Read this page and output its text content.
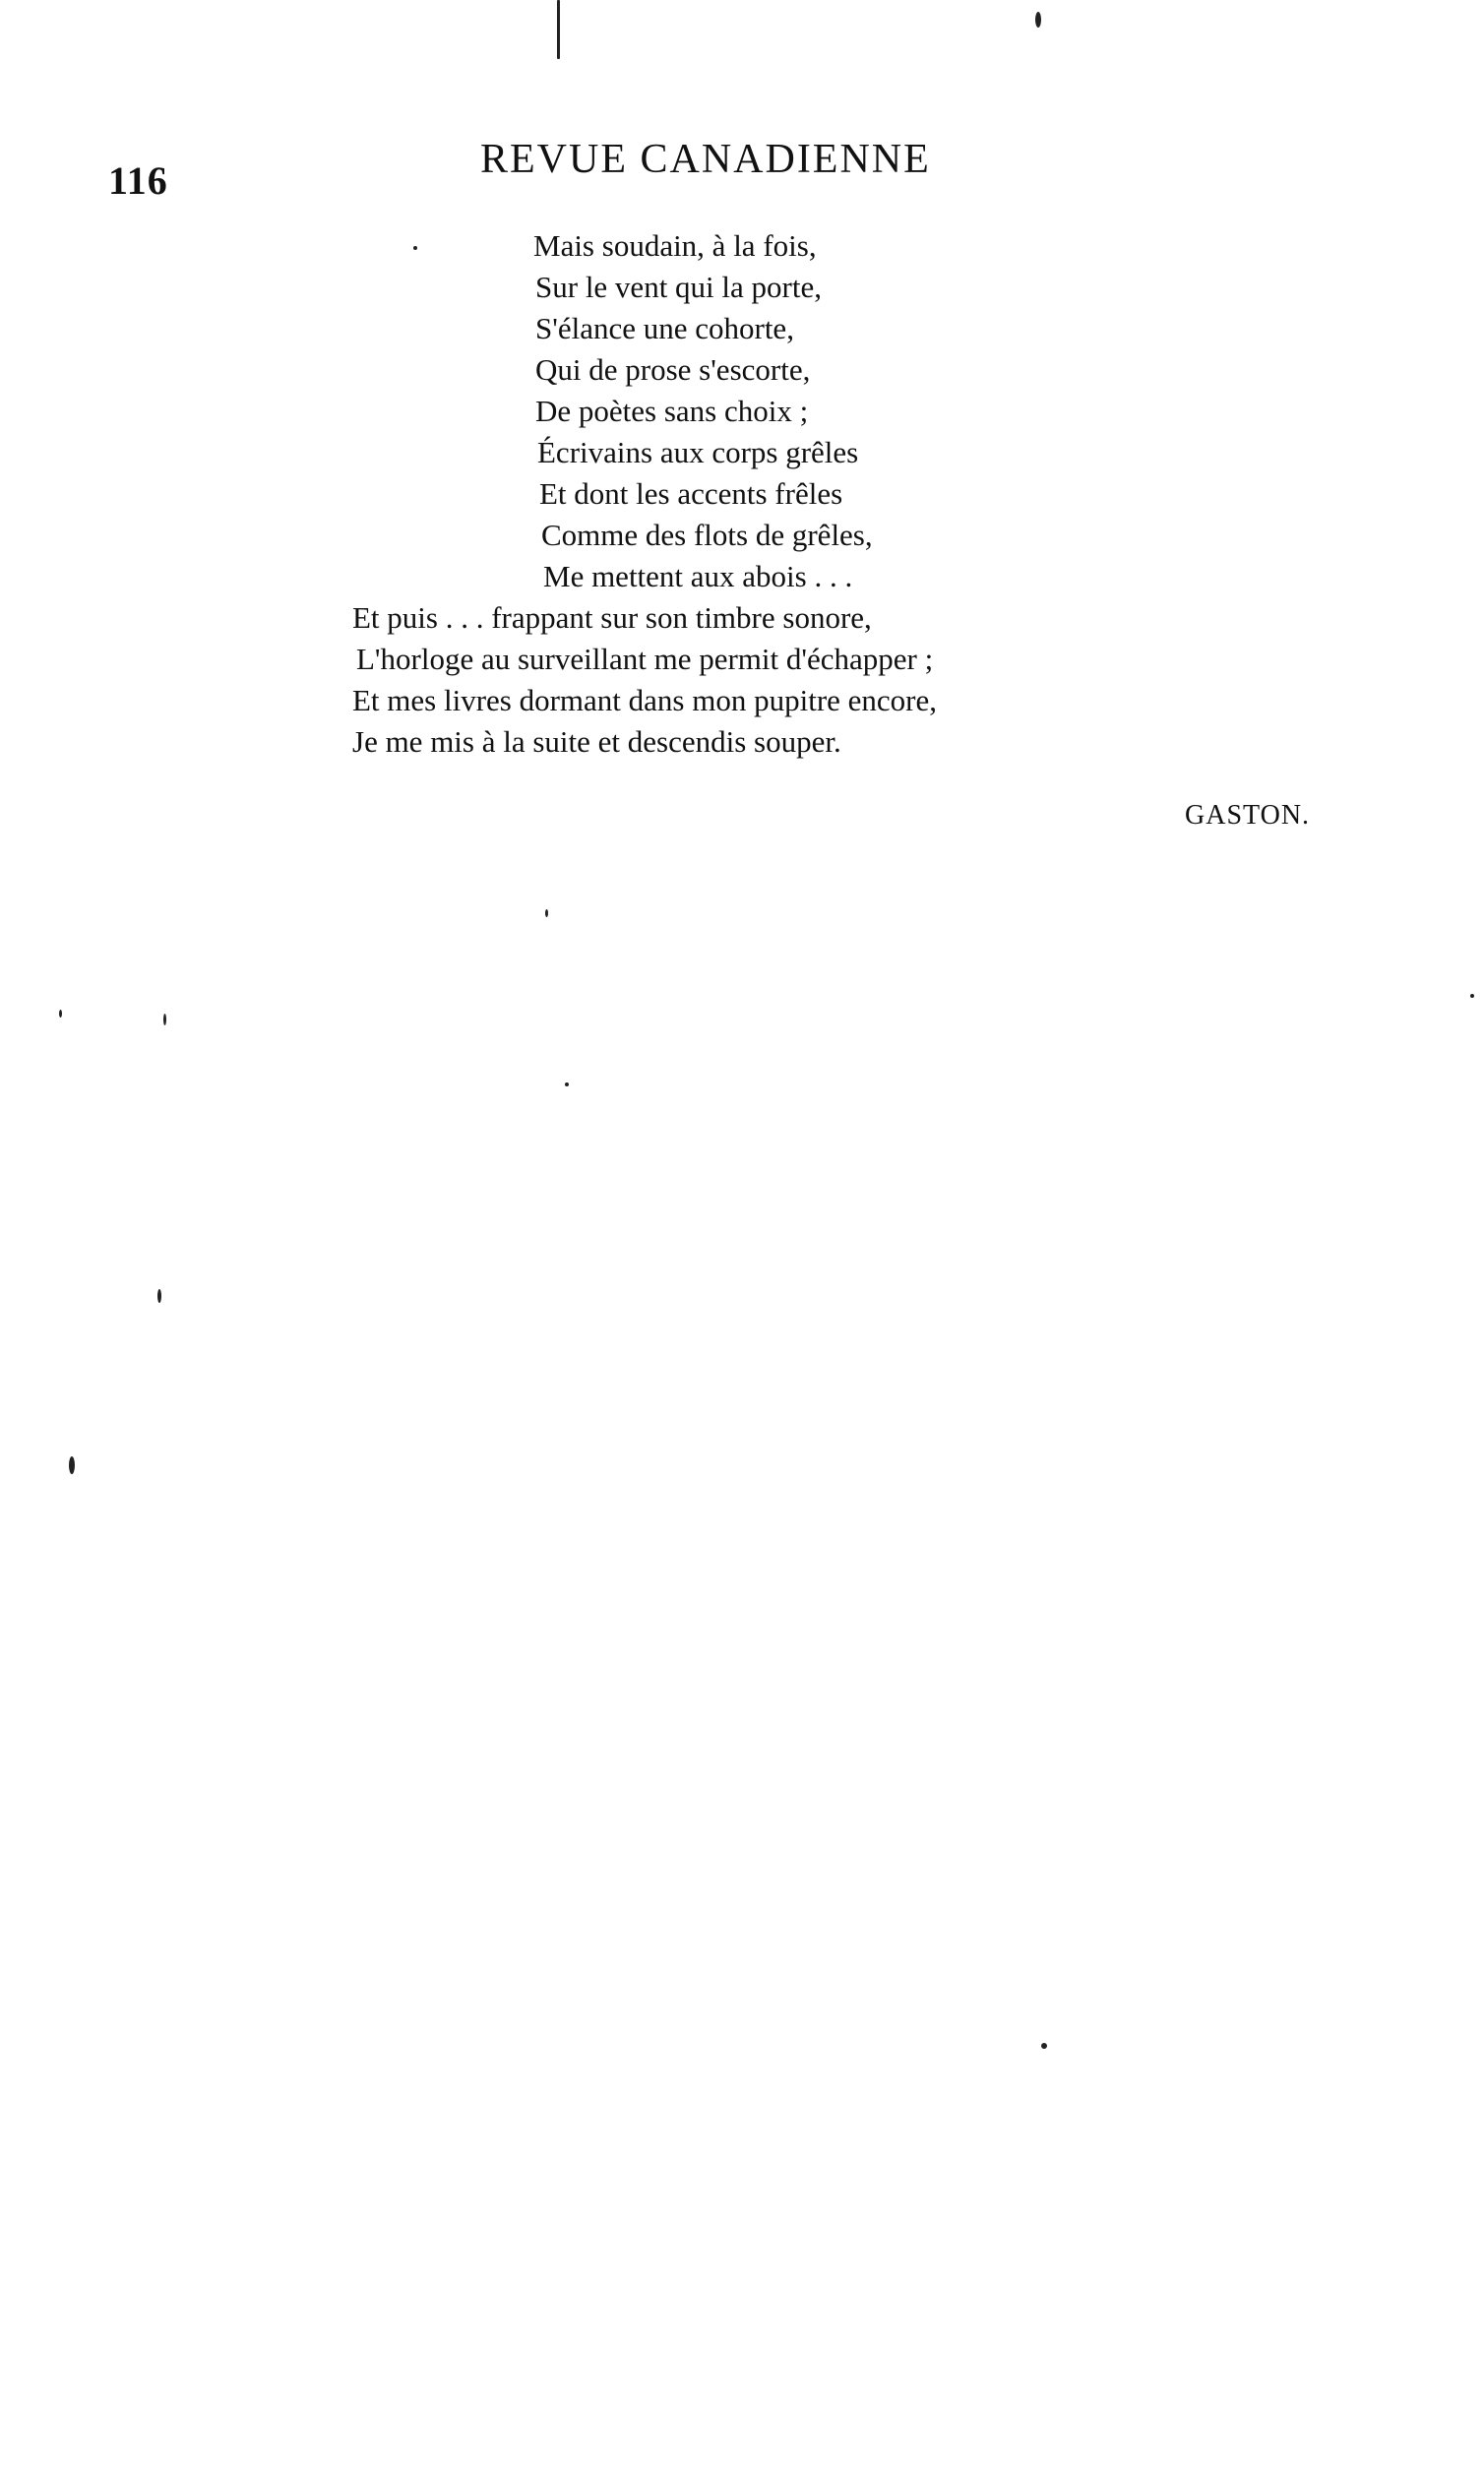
116	REVUE CANADIENNE
Mais soudain, à la fois,
Sur le vent qui la porte,
S'élance une cohorte,
Qui de prose s'escorte,
De poètes sans choix ;
Écrivains aux corps grêles
Et dont les accents frêles
Comme des flots de grêles,
Me mettent aux abois . . .
Et puis . . . frappant sur son timbre sonore,
L'horloge au surveillant me permit d'échapper ;
Et mes livres dormant dans mon pupitre encore,
Je me mis à la suite et descendis souper.
GASTON.
